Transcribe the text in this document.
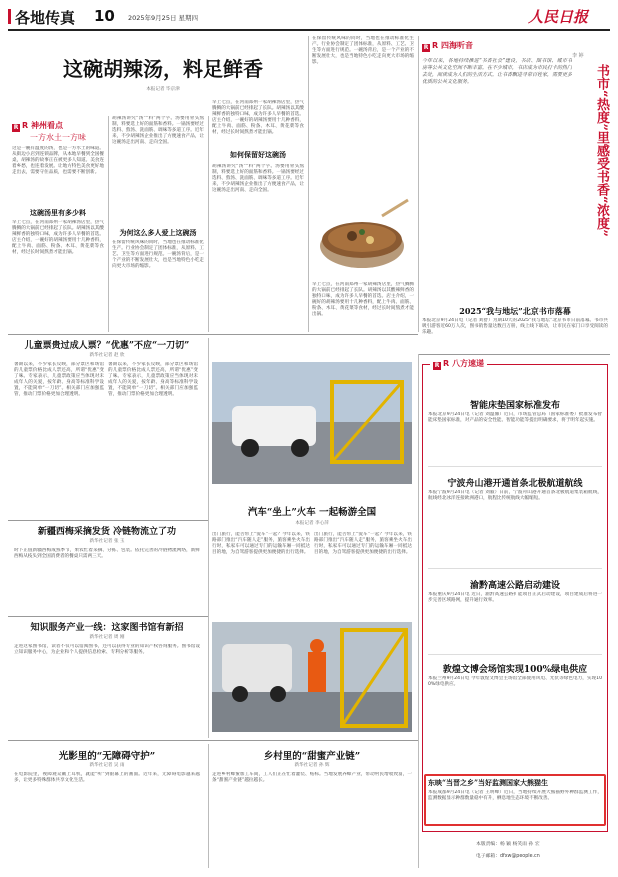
各地传真 10 2025年9月25日 星期四	人民日报
这碗胡辣汤，料足鲜香
本报记者 毕京津
R R 神州看点
一方水土一方味
这是一碗有温度的汤，也是一方水土的味道。从街边小店到连锁品牌，从本地早餐到全国餐桌，胡辣汤的故事正在被更多人知道。美食连着乡愁，也连着发展。让地方特色美食更好地走出去，需要守住品质，也需要不断创新。
这碗汤里有多少料
早上七点，在河南郑州一家胡辣汤店里，热气腾腾的大锅前已经排起了长队。胡辣汤以其酸辣鲜香的独特口味，成为许多人早餐的首选。店主介绍，一碗好的胡辣汤要用十几种香料，配上牛肉、面筋、粉条、木耳、黄花菜等食材，经过长时间熬煮才能出锅。
胡辣汤讲究“汤”“料”两个字。汤要用骨头熬制，料要选上好的面筋和香料。一锅汤要经过选料、熬汤、洗面筋、调味等多道工序。近年来，不少胡辣汤企业推出了方便速食产品，让这碗汤走出河南、走向全国。
为何这么多人爱上这碗汤
在保留传统风味的同时，当地也在推动标准化生产。行业协会制定了团体标准，从原料、工艺、卫生等方面进行规范。一碗汤背后，是一个产业的不断发展壮大，也是当地特色小吃走向更大市场的缩影。
早上七点，在河南郑州一家胡辣汤店里，热气腾腾的大锅前已经排起了长队。胡辣汤以其酸辣鲜香的独特口味，成为许多人早餐的首选。店主介绍，一碗好的胡辣汤要用十几种香料，配上牛肉、面筋、粉条、木耳、黄花菜等食材，经过长时间熬煮才能出锅。
如何保留好这碗汤
胡辣汤讲究“汤”“料”两个字。汤要用骨头熬制，料要选上好的面筋和香料。一锅汤要经过选料、熬汤、洗面筋、调味等多道工序。近年来，不少胡辣汤企业推出了方便速食产品，让这碗汤走出河南、走向全国。
在保留传统风味的同时，当地也在推动标准化生产。行业协会制定了团体标准，从原料、工艺、卫生等方面进行规范。一碗汤背后，是一个产业的不断发展壮大，也是当地特色小吃走向更大市场的缩影。
早上七点，在河南郑州一家胡辣汤店里，热气腾腾的大锅前已经排起了长队。胡辣汤以其酸辣鲜香的独特口味，成为许多人早餐的首选。店主介绍，一碗好的胡辣汤要用十几种香料，配上牛肉、面筋、粉条、木耳、黄花菜等食材，经过长时间熬煮才能出锅。
R R 四海听音
今年以来，各地持续推进“书香社会”建设，书店、图书馆、城市书房等公共文化空间不断丰富。在不少城市，书店成为市民打卡的热门去处，阅读成为人们的生活方式。让书香飘进寻常百姓家，需要更多优质的公共文化服务。	书市“热度”里感受书香“浓度”
李 婷
2025“我与地坛”北京书市落幕
本报北京9月24日电（记者 刘舒）为期10天的2025“我与地坛”北京书市日前落幕。书市共吸引游客近60万人次，图书销售量达数百万册，线上线下联动，让市民在家门口享受阅读的乐趣。
儿童票贵过成人票？“优惠”不应“一刀切”
新华社记者 赵 欣
暑期以来，不少家长反映，部分景区和场馆的儿童票价格比成人票还高，所谓“优惠”变了味。专家表示，儿童票政策应当体现对未成年人的关爱，按年龄、身高等标准科学设置，不能简单“一刀切”。相关部门应加强监管，推动门票价格更加合理透明。
暑期以来，不少家长反映，部分景区和场馆的儿童票价格比成人票还高，所谓“优惠”变了味。专家表示，儿童票政策应当体现对未成年人的关爱，按年龄、身高等标准科学设置，不能简单“一刀切”。相关部门应加强监管，推动门票价格更加合理透明。
新疆西梅采摘发货 冷链物流立了功
新华社记者 张 玉
时下正值新疆西梅成熟季节，果农忙着采摘、分拣、包装。依托完善的冷链物流网络，新鲜西梅从枝头到全国消费者的餐桌只需两三天。
知识服务产业一线：这家图书馆有新招
新华社记者 周 刚
走进这家图书馆，读者不仅可以借阅图书，还可以获得专业的知识产权咨询服务。图书馆设立知识服务中心，为企业和个人提供信息检索、专利分析等服务。
汽车“坐上”火车 一起畅游全国
本报记者 李心萍
出门旅行，能否带上“爱车”一起？今年以来，铁路部门推出“汽车随人走”服务，旅客乘坐火车出行时，私家车可以通过专门的运输车厢一同抵达目的地，为自驾游客提供更加便捷的出行选择。
出门旅行，能否带上“爱车”一起？今年以来，铁路部门推出“汽车随人走”服务，旅客乘坐火车出行时，私家车可以通过专门的运输车厢一同抵达目的地，为自驾游客提供更加便捷的出行选择。
光影里的“无障碍守护”
新华社记者 吴 雨
在电影院里，视障观众戴上耳机，就能“听”到银幕上的画面。近年来，无障碍电影越来越多，让更多特殊群体共享文化生活。
乡村里的“甜蜜产业链”
新华社记者 孙 辉
走进乡村蜂蜜加工车间，工人们正在忙着灌装、贴标。当地发展养蜂产业，带动村民增收致富，一条“甜蜜产业链”越拉越长。
R R 八方速递
智能床垫国家标准发布
本报北京9月24日电（记者 刘温馨）近日，市场监管总局（国家标准委）批准发布智能床垫国家标准，对产品的安全性能、智能功能等提出明确要求，将于明年起实施。
宁波舟山港开通首条北极航道航线
本报宁波9月24日电（记者 刘毅）日前，宁波舟山港开通首条北极航道集装箱航线，航线经北冰洋连接欧洲港口，航程比传统航线大幅缩短。
渝黔高速公路启动建设
本报重庆9月24日电 近日，渝黔高速公路扩能项目正式启动建设，项目建成后将进一步完善区域路网，提升通行效率。
敦煌文博会场馆实现100%绿电供应
本报兰州9月24日电 今年敦煌文博会主场馆全部使用风电、光伏等绿色电力，实现100%绿电供应。
东映“当晋之乡”当好监测国家大熊猫生
本报成都9月24日电（记者 王明峰）近日，当地持续开展大熊猫野外种群监测工作，监测数据显示种群数量稳中有升，栖息地生态环境不断改善。
本版责编：杨 颖 杨笑雨 孙 宏
电子邮箱：dfxw@people.cn
